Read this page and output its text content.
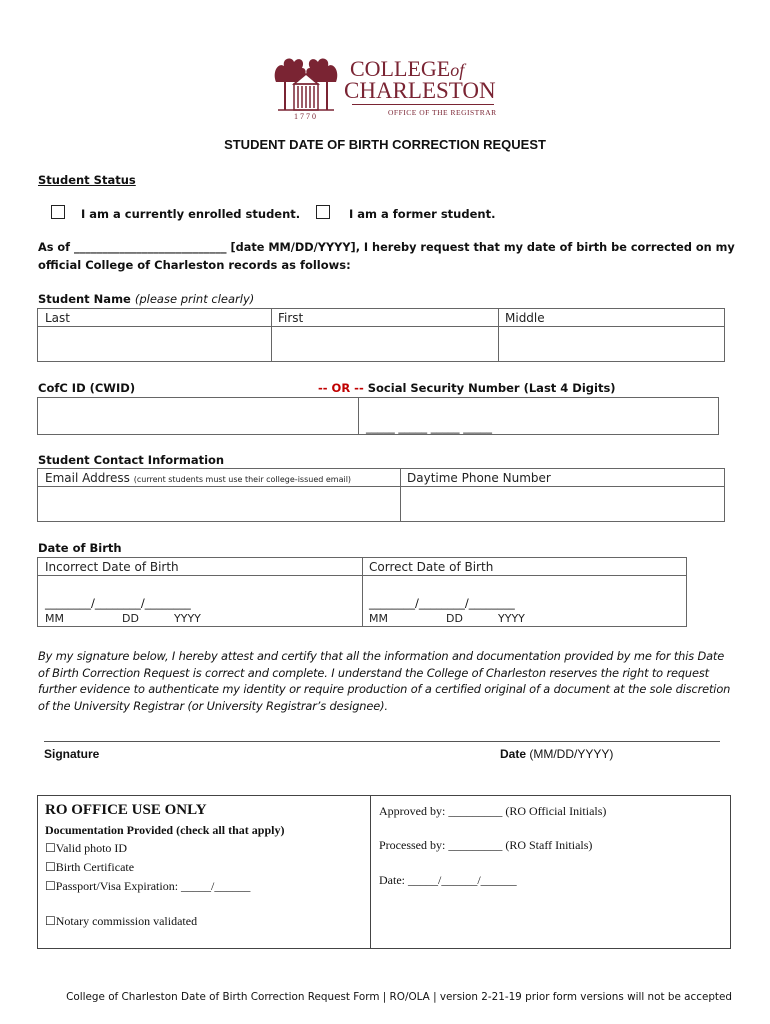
1770
COLLEGEof
CHARLESTON
OFFICE OF THE REGISTRAR
STUDENT DATE OF BIRTH CORRECTION REQUEST
Student Status
I am a currently enrolled student.	I am a former student.
As of ___________________________ [date MM/DD/YYYY], I hereby request that my date of birth be corrected on my
official College of Charleston records as follows:
Student Name (please print clearly)
Last	First	Middle
CofC ID (CWID)	-- OR -- Social Security Number (Last 4 Digits)
_____ _____ _____ _____
Student Contact Information
Email Address (current students must use their college-issued email)	Daytime Phone Number
Date of Birth
Incorrect Date of Birth	Correct Date of Birth
________/________/________
MM	DD	YYYY
________/________/________
MM	DD	YYYY
By my signature below, I hereby attest and certify that all the information and documentation provided by me for this Date
of Birth Correction Request is correct and complete. I understand the College of Charleston reserves the right to request
further evidence to authenticate my identity or require production of a certified original of a document at the sole discretion
of the University Registrar (or University Registrar’s designee).
Signature	Date (MM/DD/YYYY)
RO OFFICE USE ONLY
Documentation Provided (check all that apply)
☐Valid photo ID
☐Birth Certificate
☐Passport/Visa Expiration: _____/______
☐Notary commission validated
Approved by: _________ (RO Official Initials)
Processed by: _________ (RO Staff Initials)
Date: _____/______/______
College of Charleston Date of Birth Correction Request Form | RO/OLA | version 2-21-19 prior form versions will not be accepted
